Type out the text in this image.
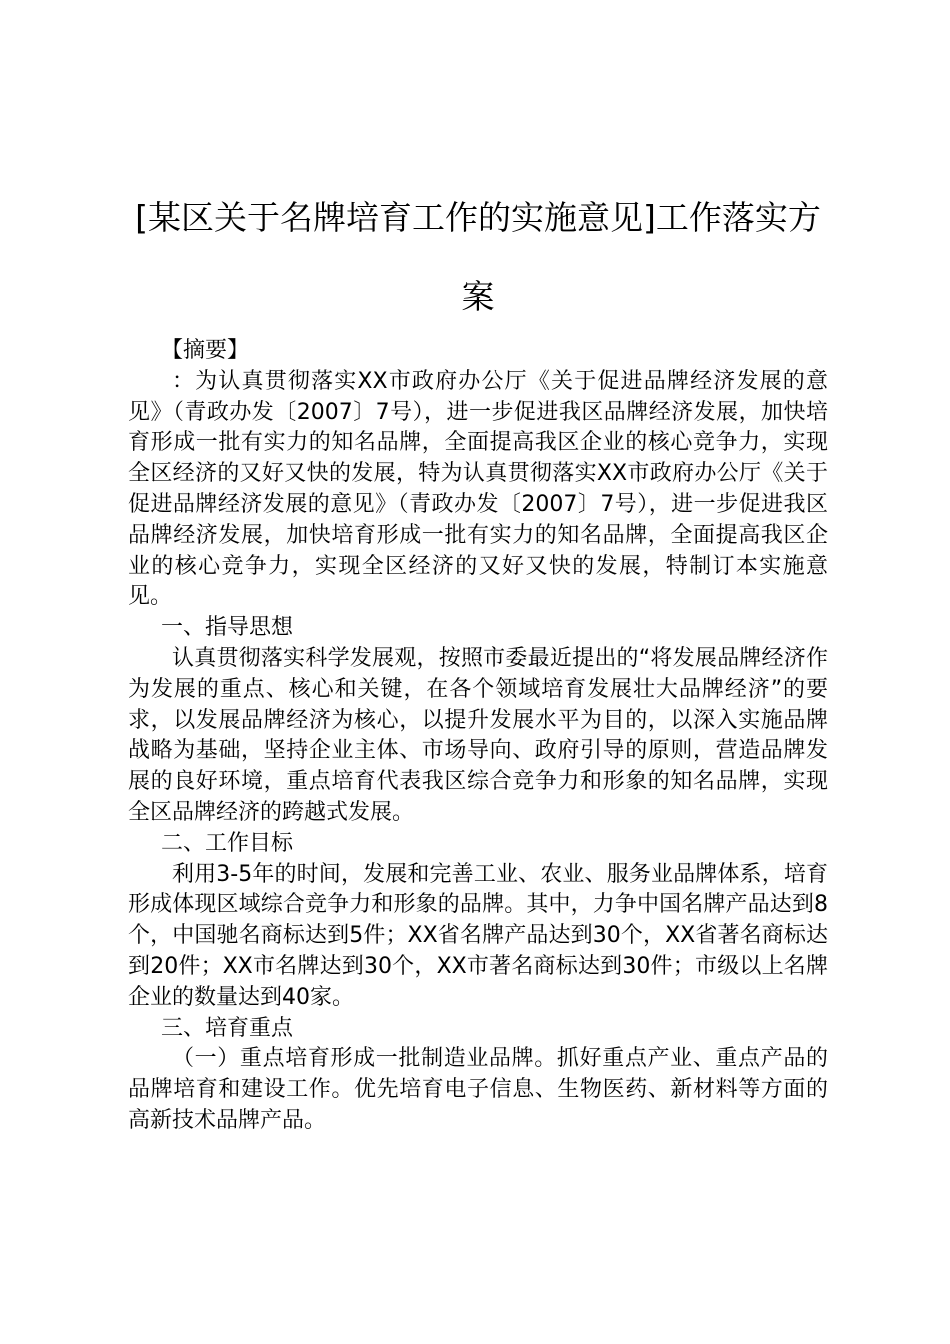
[某区关于名牌培育工作的实施意见]工作落实方案

【摘要】

：为认真贯彻落实XX市政府办公厅《关于促进品牌经济发展的意见》（青政办发〔2007〕7号），进一步促进我区品牌经济发展，加快培育形成一批有实力的知名品牌，全面提高我区企业的核心竞争力，实现全区经济的又好又快的发展，特为认真贯彻落实XX市政府办公厅《关于促进品牌经济发展的意见》（青政办发〔2007〕7号），进一步促进我区品牌经济发展，加快培育形成一批有实力的知名品牌，全面提高我区企业的核心竞争力，实现全区经济的又好又快的发展，特制订本实施意见。

一、指导思想

认真贯彻落实科学发展观，按照市委最近提出的“将发展品牌经济作为发展的重点、核心和关键，在各个领域培育发展壮大品牌经济”的要求，以发展品牌经济为核心，以提升发展水平为目的，以深入实施品牌战略为基础，坚持企业主体、市场导向、政府引导的原则，营造品牌发展的良好环境，重点培育代表我区综合竞争力和形象的知名品牌，实现全区品牌经济的跨越式发展。

二、工作目标

利用3-5年的时间，发展和完善工业、农业、服务业品牌体系，培育形成体现区域综合竞争力和形象的品牌。其中，力争中国名牌产品达到8个，中国驰名商标达到5件；XX省名牌产品达到30个，XX省著名商标达到20件；XX市名牌达到30个，XX市著名商标达到30件；市级以上名牌企业的数量达到40家。

三、培育重点

（一）重点培育形成一批制造业品牌。抓好重点产业、重点产品的品牌培育和建设工作。优先培育电子信息、生物医药、新材料等方面的高新技术品牌产品。
